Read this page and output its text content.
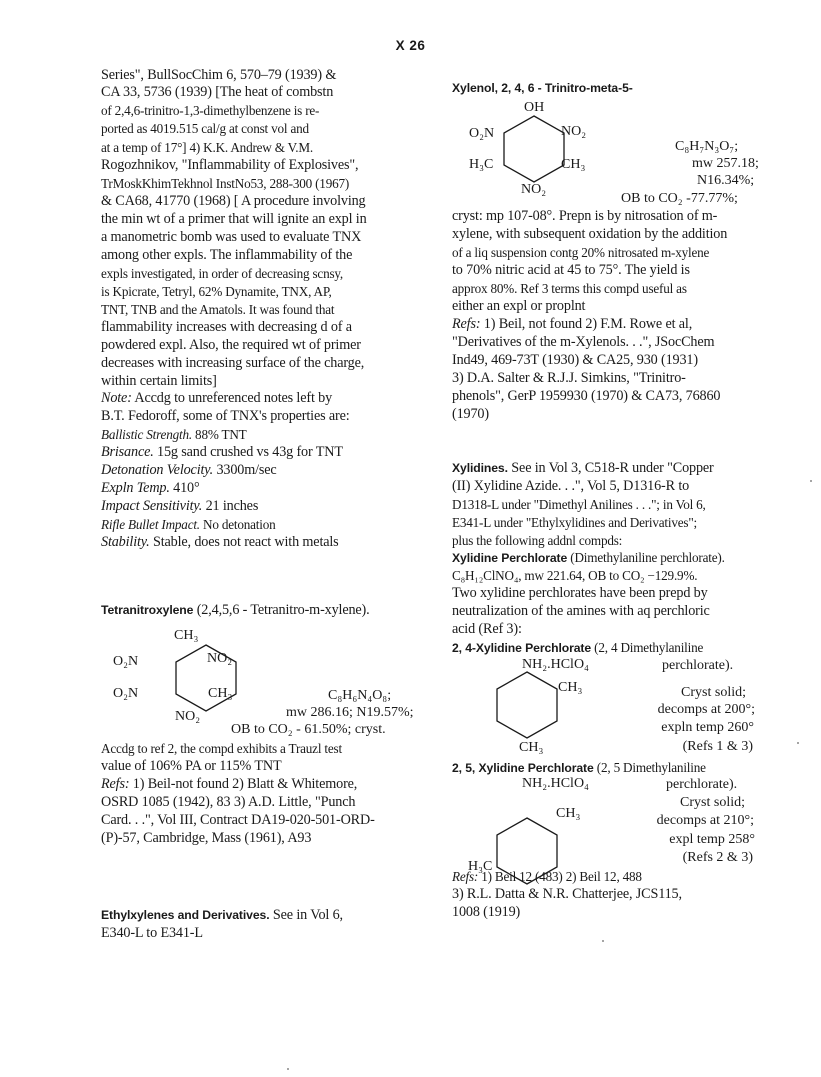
X 26
Series", BullSocChim 6, 570–79 (1939) &
CA 33, 5736 (1939) [The heat of combstn
of 2,4,6-trinitro-1,3-dimethylbenzene is re-
ported as 4019.515 cal/g at const vol and
at a temp of 17°] 4) K.K. Andrew & V.M.
Rogozhnikov, "Inflammability of Explosives",
TrMoskKhimTekhnol InstNo53, 288-300 (1967)
& CA68, 41770 (1968) [ A procedure involving
the min wt of a primer that will ignite an expl in
a manometric bomb was used to evaluate TNX
among other expls. The inflammability of the
expls investigated, in order of decreasing scnsy,
is Kpicrate, Tetryl, 62% Dynamite, TNX, AP,
TNT, TNB and the Amatols. It was found that
flammability increases with decreasing d of a
powdered expl. Also, the required wt of primer
decreases with increasing surface of the charge,
within certain limits]
Note: Accdg to unreferenced notes left by
B.T. Fedoroff, some of TNX's properties are:
Ballistic Strength. 88% TNT
Brisance. 15g sand crushed vs 43g for TNT
Detonation Velocity. 3300m/sec
Expln Temp. 410°
Impact Sensitivity. 21 inches
Rifle Bullet Impact. No detonation
Stability. Stable, does not react with metals
Tetranitroxylene (2,4,5,6 - Tetranitro-m-xylene).
CH₃
O₂N	NO₂
O₂N	CH₃
NO₂
C₈H₆N₄O₈;
mw 286.16; N19.57%;
OB to CO₂ - 61.50%; cryst.
Accdg to ref 2, the compd exhibits a Trauzl test
value of 106% PA or 115% TNT
Refs: 1) Beil-not found 2) Blatt & Whitemore,
OSRD 1085 (1942), 83 3) A.D. Little, "Punch
Card. . .", Vol III, Contract DA19-020-501-ORD-
(P)-57, Cambridge, Mass (1961), A93
Ethylxylenes and Derivatives. See in Vol 6,
E340-L to E341-L
Xylenol, 2, 4, 6 - Trinitro-meta-5-
OH
O₂N	NO₂
H₃C	CH₃
NO₂
C₈H₇N₃O₇;
mw 257.18;
N16.34%;
OB to CO₂ -77.77%;
cryst: mp 107-08°. Prepn is by nitrosation of m-
xylene, with subsequent oxidation by the addition
of a liq suspension contg 20% nitrosated m-xylene
to 70% nitric acid at 45 to 75°. The yield is
approx 80%. Ref 3 terms this compd useful as
either an expl or proplnt
Refs: 1) Beil, not found 2) F.M. Rowe et al,
"Derivatives of the m-Xylenols. . .", JSocChem
Ind49, 469-73T (1930) & CA25, 930 (1931)
3) D.A. Salter & R.J.J. Simkins, "Trinitro-
phenols", GerP 1959930 (1970) & CA73, 76860
(1970)
Xylidines. See in Vol 3, C518-R under "Copper
(II) Xylidine Azide. . .", Vol 5, D1316-R to
D1318-L under "Dimethyl Anilines . . ."; in Vol 6,
E341-L under "Ethylxylidines and Derivatives";
plus the following addnl compds:
Xylidine Perchlorate (Dimethylaniline perchlorate).
C₈H₁₂ClNO₄, mw 221.64, OB to CO₂ −129.9%.
Two xylidine perchlorates have been prepd by
neutralization of the amines with aq perchloric
acid (Ref 3):
2, 4-Xylidine Perchlorate (2, 4 Dimethylaniline
NH₂.HClO₄	perchlorate).
CH₃
CH₃
Cryst solid;
decomps at 200°;
expln temp 260°
(Refs 1 & 3)
2, 5, Xylidine Perchlorate (2, 5 Dimethylaniline
NH₂.HClO₄	perchlorate).
CH₃
H₃C
Cryst solid;
decomps at 210°;
expl temp 258°
(Refs 2 & 3)
Refs: 1) Beil 12 (483) 2) Beil 12, 488
3) R.L. Datta & N.R. Chatterjee, JCS115,
1008 (1919)
